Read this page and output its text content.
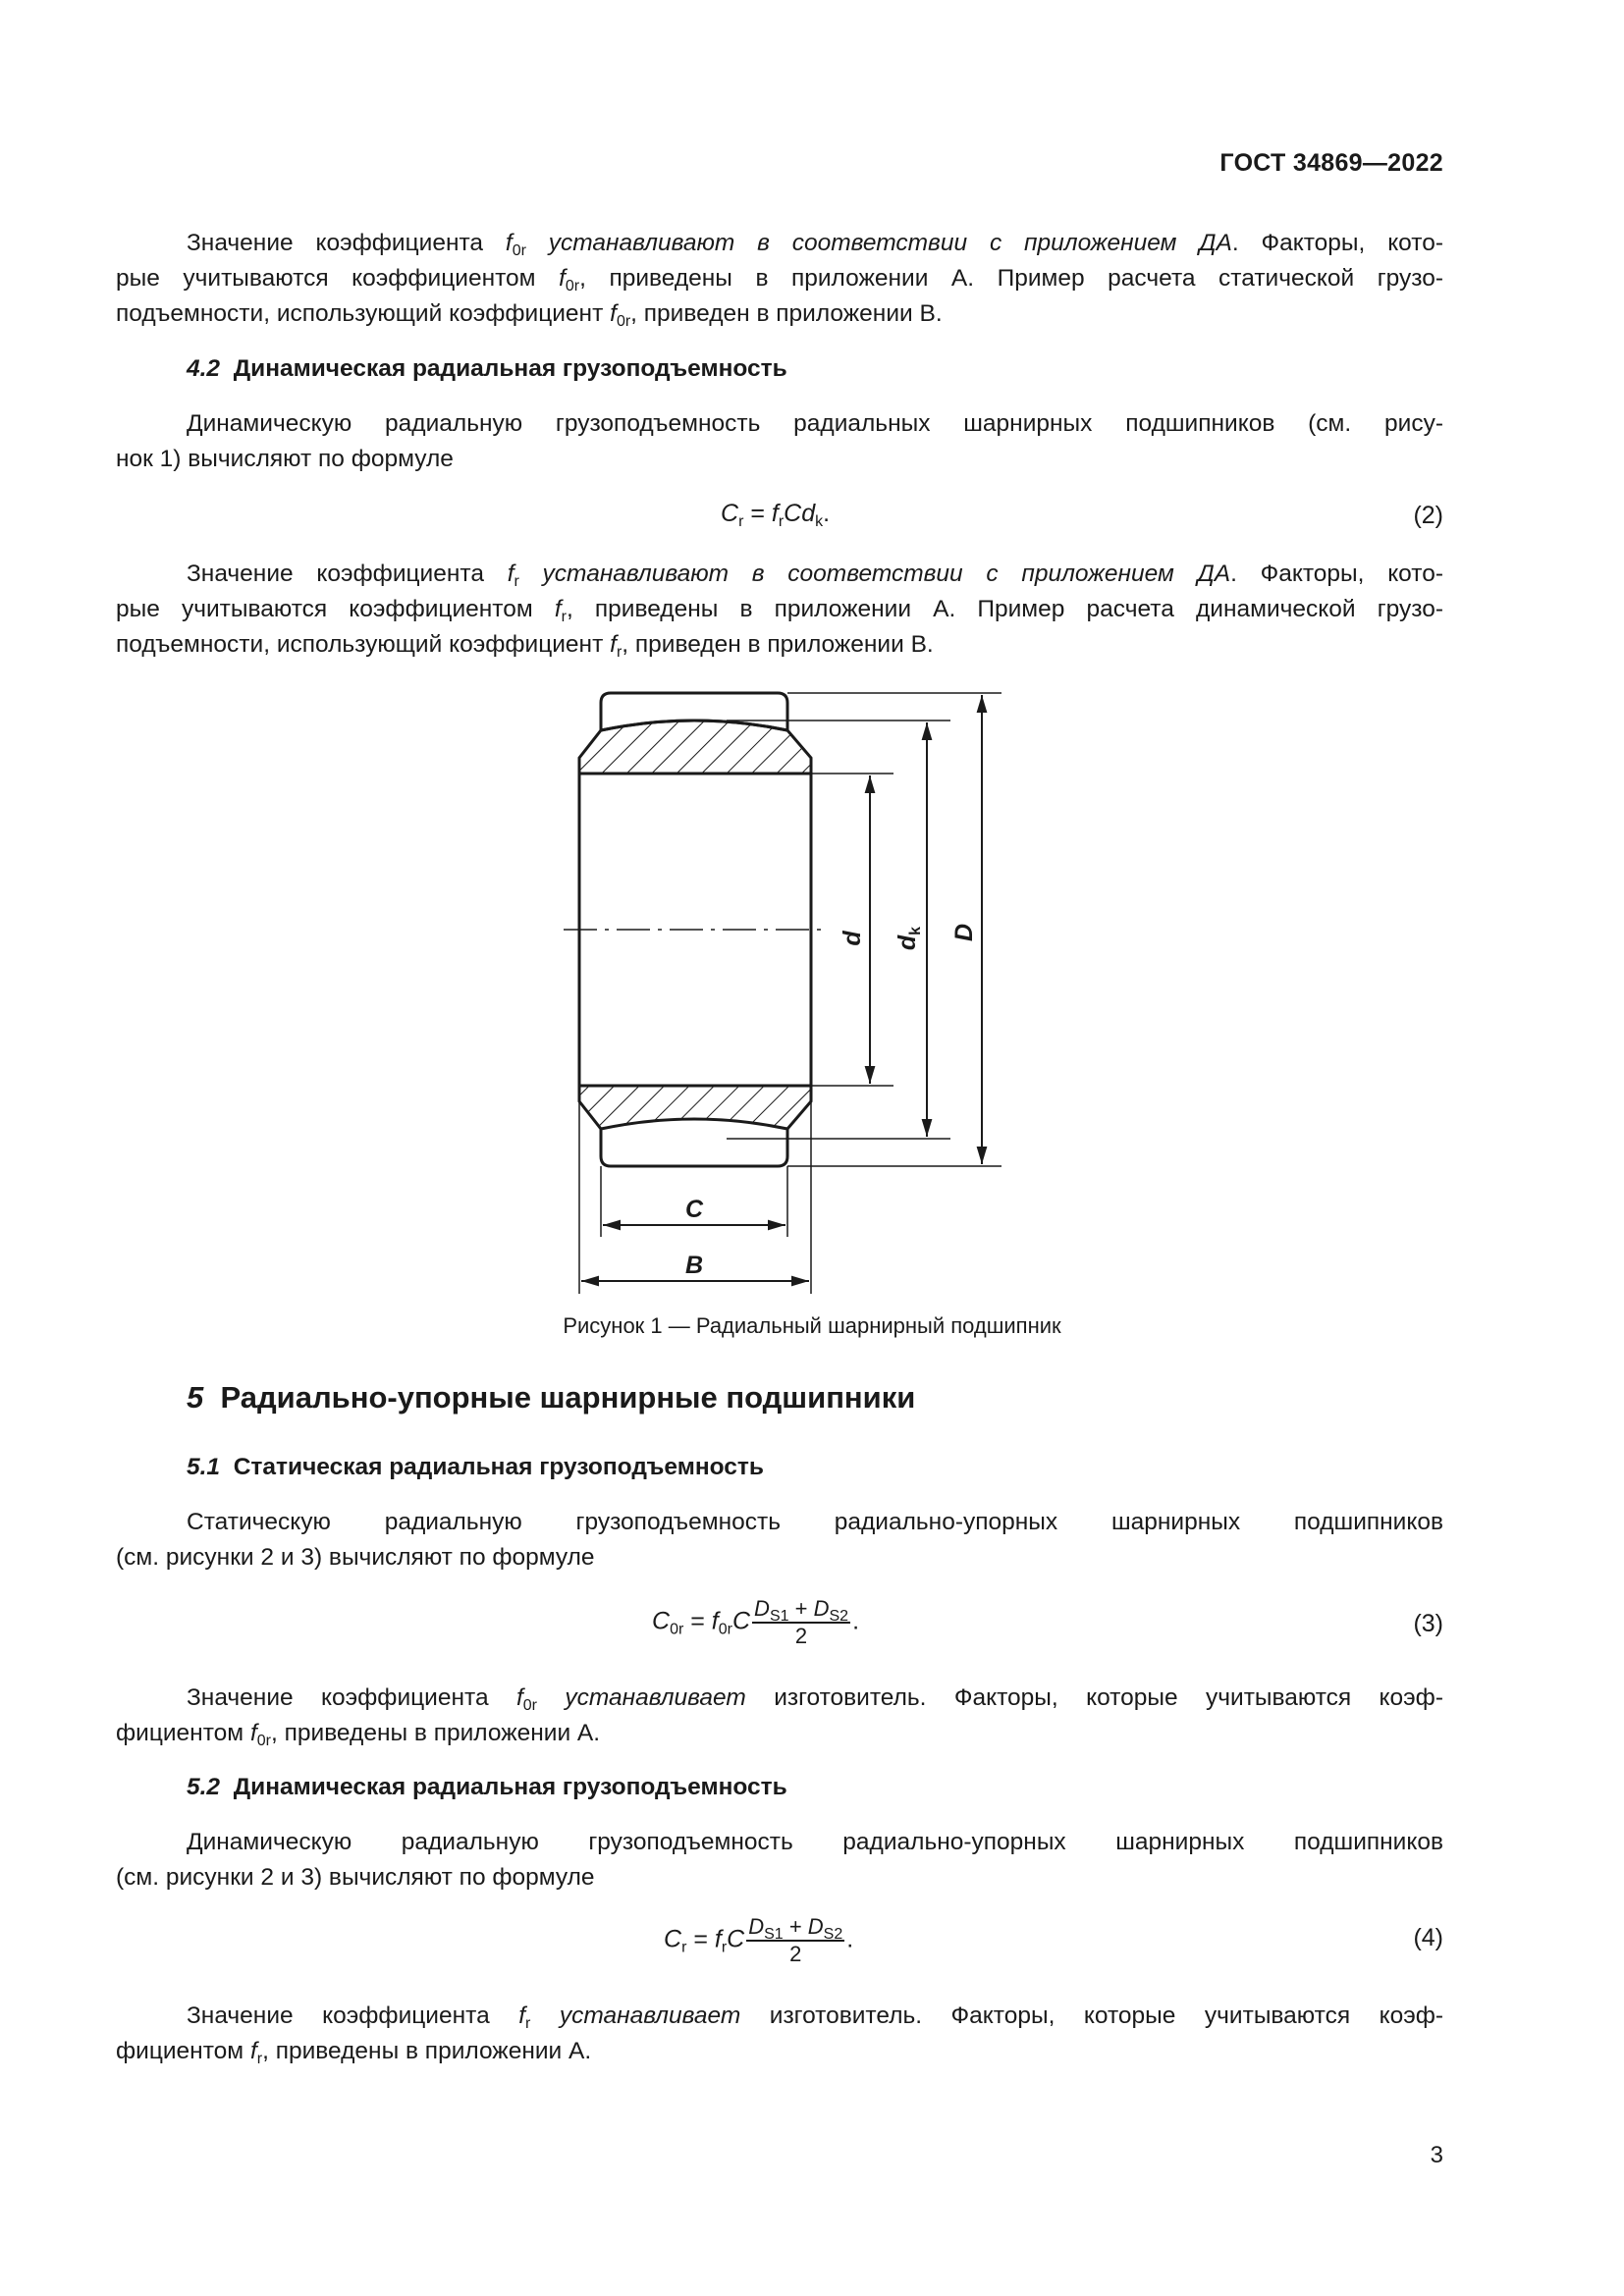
ГОСТ 34869—2022
Значение коэффициента $f_{0r}$ устанавливают в соответствии с приложением ДА. Факторы, кото-
рые учитываются коэффициентом $f_{0r}$, приведены в приложении А. Пример расчета статической грузо-
подъемности, использующий коэффициент $f_{0r}$, приведен в приложении В.
4.2 Динамическая радиальная грузоподъемность
Динамическую радиальную грузоподъемность радиальных шарнирных подшипников (см. рису-
нок 1) вычисляют по формуле
$C_r = f_rCd_k$.	(2)
Значение коэффициента $f_r$ устанавливают в соответствии с приложением ДА. Факторы, кото-
рые учитываются коэффициентом $f_r$, приведены в приложении А. Пример расчета динамической грузо-
подъемности, использующий коэффициент $f_r$, приведен в приложении В.
C
B
d $d_k$ D
Рисунок 1 — Радиальный шарнирный подшипник
5 Радиально-упорные шарнирные подшипники
5.1 Статическая радиальная грузоподъемность
Статическую радиальную грузоподъемность радиально-упорных шарнирных подшипников
(см. рисунки 2 и 3) вычисляют по формуле
$C_{0r} = f_{0r}C \frac{D_{S1} + D_{S2}}{2}$ .	(3)
Значение коэффициента $f_{0r}$ устанавливает изготовитель. Факторы, которые учитываются коэф-
фициентом $f_{0r}$, приведены в приложении А.
5.2 Динамическая радиальная грузоподъемность
Динамическую радиальную грузоподъемность радиально-упорных шарнирных подшипников
(см. рисунки 2 и 3) вычисляют по формуле
$C_r = f_rC \frac{D_{S1} + D_{S2}}{2}$ .	(4)
Значение коэффициента $f_r$ устанавливает изготовитель. Факторы, которые учитываются коэф-
фициентом $f_r$, приведены в приложении А.
3
